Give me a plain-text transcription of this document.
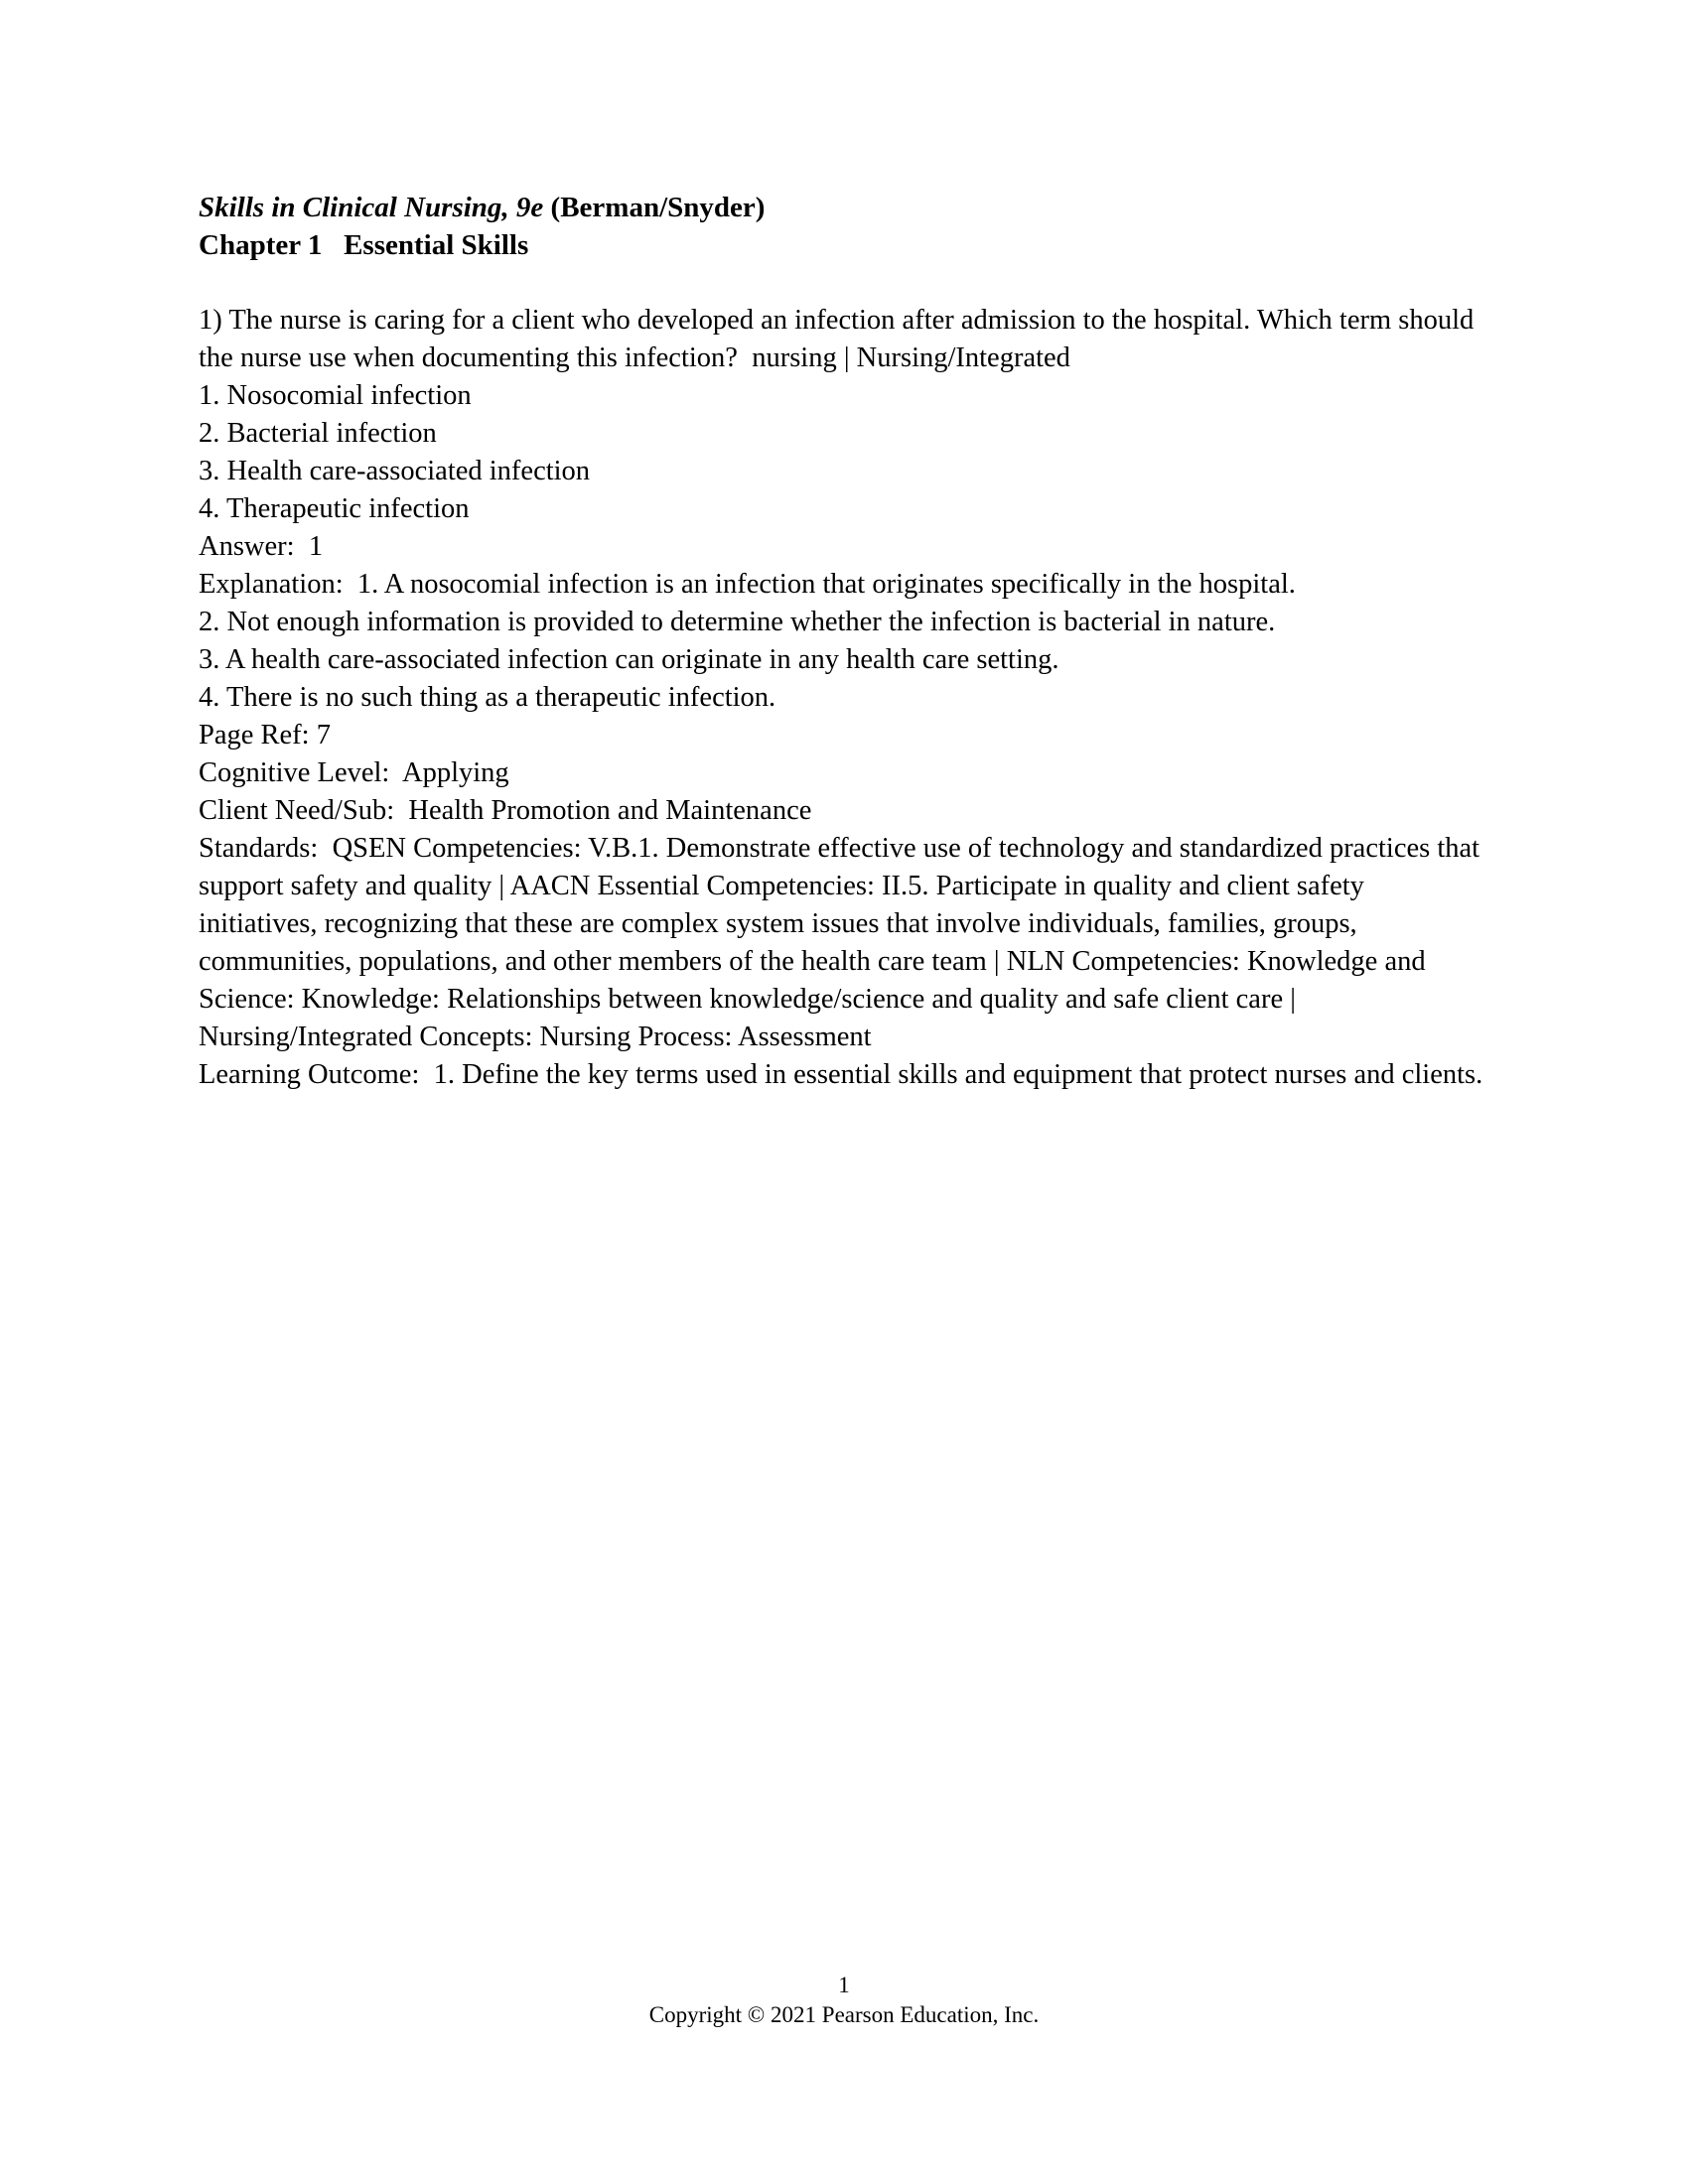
Skills in Clinical Nursing, 9e (Berman/Snyder)
Chapter 1   Essential Skills
1) The nurse is caring for a client who developed an infection after admission to the hospital. Which term should the nurse use when documenting this infection?  nursing | Nursing/Integrated
1. Nosocomial infection
2. Bacterial infection
3. Health care-associated infection
4. Therapeutic infection
Answer:  1
Explanation:  1. A nosocomial infection is an infection that originates specifically in the hospital.
2. Not enough information is provided to determine whether the infection is bacterial in nature.
3. A health care-associated infection can originate in any health care setting.
4. There is no such thing as a therapeutic infection.
Page Ref: 7
Cognitive Level:  Applying
Client Need/Sub:  Health Promotion and Maintenance
Standards:  QSEN Competencies: V.B.1. Demonstrate effective use of technology and standardized practices that support safety and quality | AACN Essential Competencies: II.5. Participate in quality and client safety initiatives, recognizing that these are complex system issues that involve individuals, families, groups, communities, populations, and other members of the health care team | NLN Competencies: Knowledge and Science: Knowledge: Relationships between knowledge/science and quality and safe client care | Nursing/Integrated Concepts: Nursing Process: Assessment
Learning Outcome:  1. Define the key terms used in essential skills and equipment that protect nurses and clients.
1
Copyright © 2021 Pearson Education, Inc.
